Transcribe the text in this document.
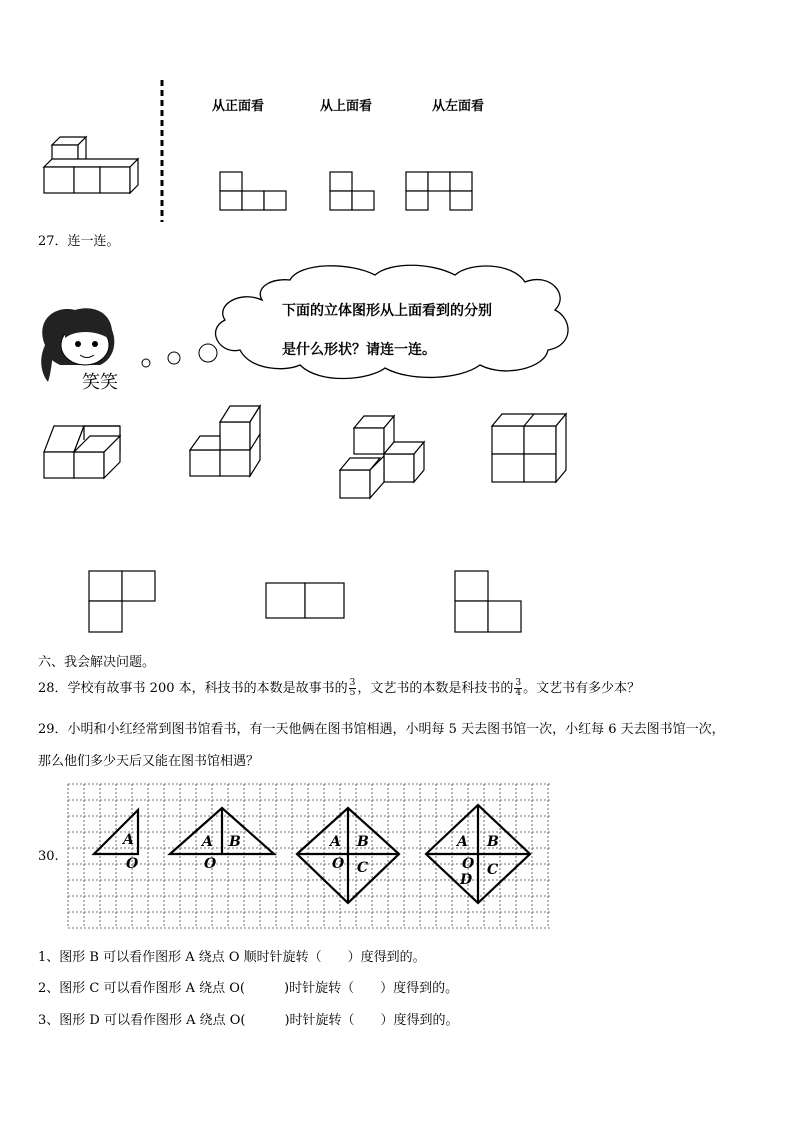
从正面看	从上面看	从左面看
27．连一连。
笑笑
下面的立体图形从上面看到的分别
是什么形状？请连一连。
六、我会解决问题。
28．学校有故事书 200 本，科技书的本数是故事书的 $\frac{3}{5}$ ，文艺书的本数是科技书的 $\frac{3}{4}$ 。文艺书有多少本？
29．小明和小红经常到图书馆看书，有一天他俩在图书馆相遇，小明每 5 天去图书馆一次，小红每 6 天去图书馆一次，
那么他们多少天后又能在图书馆相遇？
30.
A
O
A B
O
A B
O C
A B
O C
D
1、图形 B 可以看作图形 A 绕点 O 顺时针旋转（　　）度得到的。
2、图形 C 可以看作图形 A 绕点 O(　　　)时针旋转（　　）度得到的。
3、图形 D 可以看作图形 A 绕点 O(　　　)时针旋转（　　）度得到的。
